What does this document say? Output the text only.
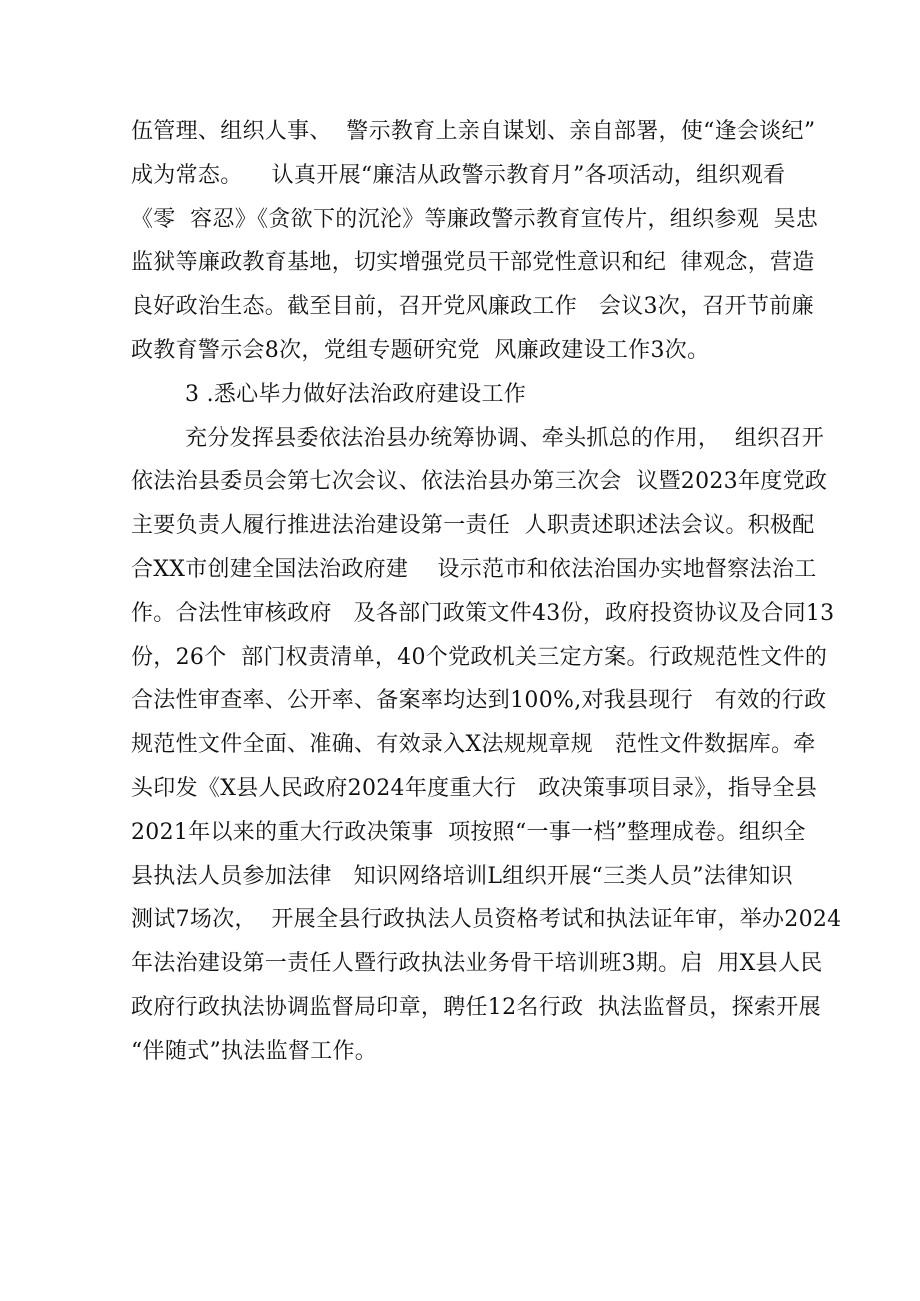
伍管理、组织人事、  警示教育上亲自谋划、亲自部署，使“逢会谈纪”
成为常态。    认真开展“廉洁从政警示教育月”各项活动，组织观看
《零  容忍》《贪欲下的沉沦》等廉政警示教育宣传片，组织参观  吴忠
监狱等廉政教育基地，切实增强党员干部党性意识和纪  律观念，营造
良好政治生态。截至目前，召开党风廉政工作   会议3次，召开节前廉
政教育警示会8次，党组专题研究党  风廉政建设工作3次。
3 .悉心毕力做好法治政府建设工作
充分发挥县委依法治县办统筹协调、牵头抓总的作用，  组织召开
依法治县委员会第七次会议、依法治县办第三次会  议暨2023年度党政
主要负责人履行推进法治建设第一责任  人职责述职述法会议。积极配
合XX市创建全国法治政府建    设示范市和依法治国办实地督察法治工
作。合法性审核政府   及各部门政策文件43份，政府投资协议及合同13
份，26个  部门权责清单，40个党政机关三定方案。行政规范性文件的
合法性审查率、公开率、备案率均达到100%,对我县现行   有效的行政
规范性文件全面、准确、有效录入X法规规章规   范性文件数据库。牵
头印发《X县人民政府2024年度重大行   政决策事项目录》，指导全县
2021年以来的重大行政决策事  项按照“一事一档”整理成卷。组织全
县执法人员参加法律   知识网络培训L组织开展“三类人员”法律知识
测试7场次，  开展全县行政执法人员资格考试和执法证年审，举办2024
年法治建设第一责任人暨行政执法业务骨干培训班3期。启  用X县人民
政府行政执法协调监督局印章，聘任12名行政  执法监督员，探索开展
“伴随式”执法监督工作。
